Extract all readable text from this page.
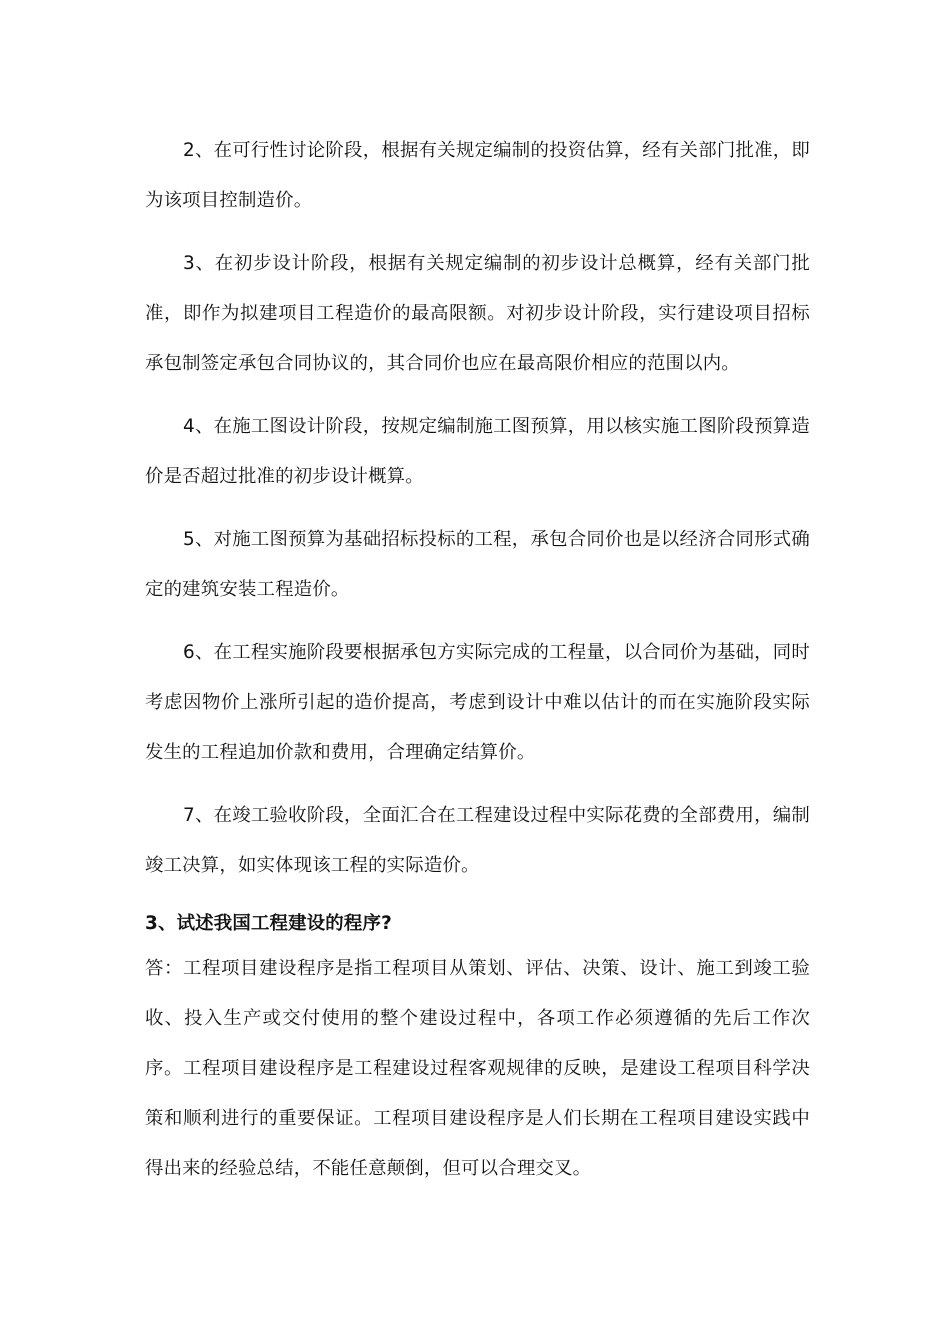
2、在可行性讨论阶段，根据有关规定编制的投资估算，经有关部门批准，即为该项目控制造价。

3、在初步设计阶段，根据有关规定编制的初步设计总概算，经有关部门批准，即作为拟建项目工程造价的最高限额。对初步设计阶段，实行建设项目招标承包制签定承包合同协议的，其合同价也应在最高限价相应的范围以内。

4、在施工图设计阶段，按规定编制施工图预算，用以核实施工图阶段预算造价是否超过批准的初步设计概算。

5、对施工图预算为基础招标投标的工程，承包合同价也是以经济合同形式确定的建筑安装工程造价。

6、在工程实施阶段要根据承包方实际完成的工程量，以合同价为基础，同时考虑因物价上涨所引起的造价提高，考虑到设计中难以估计的而在实施阶段实际发生的工程追加价款和费用，合理确定结算价。

7、在竣工验收阶段，全面汇合在工程建设过程中实际花费的全部费用，编制竣工决算，如实体现该工程的实际造价。

3、试述我国工程建设的程序?

答：工程项目建设程序是指工程项目从策划、评估、决策、设计、施工到竣工验收、投入生产或交付使用的整个建设过程中，各项工作必须遵循的先后工作次序。工程项目建设程序是工程建设过程客观规律的反映，是建设工程项目科学决策和顺利进行的重要保证。工程项目建设程序是人们长期在工程项目建设实践中得出来的经验总结，不能任意颠倒，但可以合理交叉。
